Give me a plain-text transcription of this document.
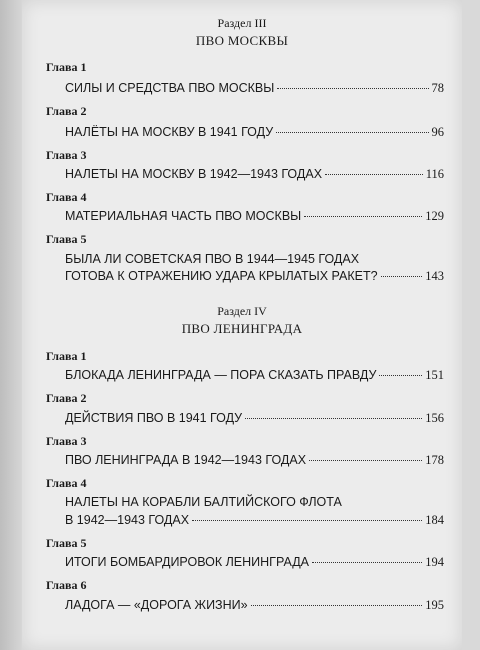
Раздел III
ПВО МОСКВЫ
Глава 1
СИЛЫ И СРЕДСТВА ПВО МОСКВЫ	78
Глава 2
НАЛЁТЫ НА МОСКВУ В 1941 ГОДУ	96
Глава 3
НАЛЕТЫ НА МОСКВУ В 1942—1943 ГОДАХ	116
Глава 4
МАТЕРИАЛЬНАЯ ЧАСТЬ ПВО МОСКВЫ	129
Глава 5
БЫЛА ЛИ СОВЕТСКАЯ ПВО В 1944—1945 ГОДАХ
ГОТОВА К ОТРАЖЕНИЮ УДАРА КРЫЛАТЫХ РАКЕТ?	143
Раздел IV
ПВО ЛЕНИНГРАДА
Глава 1
БЛОКАДА ЛЕНИНГРАДА — ПОРА СКАЗАТЬ ПРАВДУ	151
Глава 2
ДЕЙСТВИЯ ПВО В 1941 ГОДУ	156
Глава 3
ПВО ЛЕНИНГРАДА В 1942—1943 ГОДАХ	178
Глава 4
НАЛЕТЫ НА КОРАБЛИ БАЛТИЙСКОГО ФЛОТА
В 1942—1943 ГОДАХ	184
Глава 5
ИТОГИ БОМБАРДИРОВОК ЛЕНИНГРАДА	194
Глава 6
ЛАДОГА — «ДОРОГА ЖИЗНИ»	195
